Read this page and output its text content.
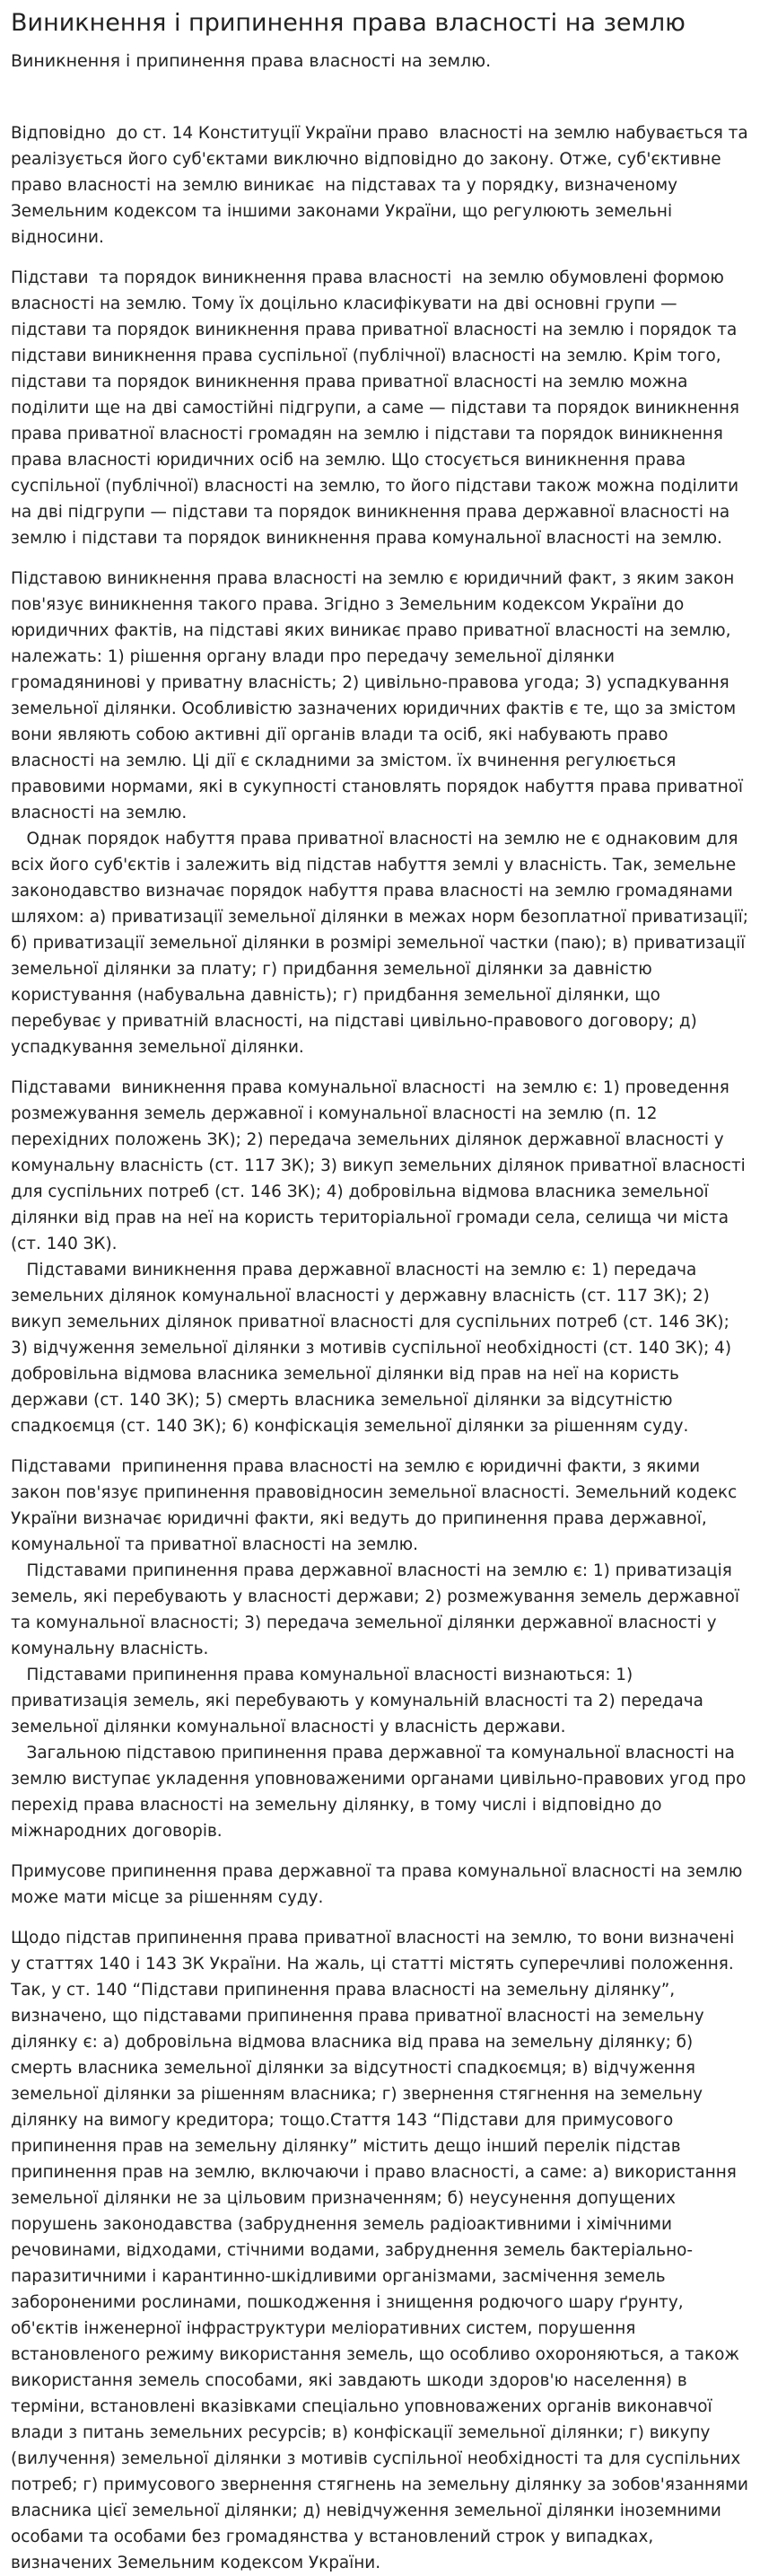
Виникнення і припинення права власності на землю
Виникнення і припинення права власності на землю.

Відповідно  до ст. 14 Конституції України право  власності на землю набувається та реалізується його суб'єктами виключно відповідно до закону. Отже, суб'єктивне  право власності на землю виникає  на підставах та у порядку, визначеному Земельним кодексом та іншими законами України, що регулюють земельні відносини.

Підстави  та порядок виникнення права власності  на землю обумовлені формою власності на землю. Тому їх доцільно класифікувати на дві основні групи — підстави та порядок виникнення права приватної власності на землю і порядок та підстави виникнення права суспільної (публічної) власності на землю. Крім того, підстави та порядок виникнення права приватної власності на землю можна поділити ще на дві самостійні підгрупи, а саме — підстави та порядок виникнення права приватної власності громадян на землю і підстави та порядок виникнення права власності юридичних осіб на землю. Що стосується виникнення права суспільної (публічної) власності на землю, то його підстави також можна поділити на дві підгрупи — підстави та порядок виникнення права державної власності на землю і підстави та порядок виникнення права комунальної власності на землю.

Підставою виникнення права власності на землю є юридичний факт, з яким закон пов'язує виникнення такого права. Згідно з Земельним кодексом України до юридичних фактів, на підставі яких виникає право приватної власності на землю, належать: 1) рішення органу влади про передачу земельної ділянки громадянинові у приватну власність; 2) цивільно-правова угода; 3) успадкування земельної ділянки. Особливістю зазначених юридичних фактів є те, що за змістом вони являють собою активні дії органів влади та осіб, які набувають право власності на землю. Ці дії є складними за змістом. їх вчинення регулюється правовими нормами, які в сукупності становлять порядок набуття права приватної власності на землю.

Однак порядок набуття права приватної власності на землю не є однаковим для всіх його суб'єктів і залежить від підстав набуття землі у власність. Так, земельне законодавство визначає порядок набуття права власності на землю громадянами шляхом: а) приватизації земельної ділянки в межах норм безоплатної приватизації; б) приватизації земельної ділянки в розмірі земельної частки (паю); в) приватизації земельної ділянки за плату; г) придбання земельної ділянки за давністю користування (набувальна давність); г) придбання земельної ділянки, що перебуває у приватній власності, на підставі цивільно-правового договору; д) успадкування земельної ділянки.

Підставами  виникнення права комунальної власності  на землю є: 1) проведення розмежування земель державної і комунальної власності на землю (п. 12 перехідних положень ЗК); 2) передача земельних ділянок державної власності у комунальну власність (ст. 117 ЗК); 3) викуп земельних ділянок приватної власності для суспільних потреб (ст. 146 ЗК); 4) добровільна відмова власника земельної ділянки від прав на неї на користь територіальної громади села, селища чи міста (ст. 140 ЗК).

Підставами виникнення права державної власності на землю є: 1) передача земельних ділянок комунальної власності у державну власність (ст. 117 ЗК); 2) викуп земельних ділянок приватної власності для суспільних потреб (ст. 146 ЗК); 3) відчуження земельної ділянки з мотивів суспільної необхідності (ст. 140 ЗК); 4) добровільна відмова власника земельної ділянки від прав на неї на користь держави (ст. 140 ЗК); 5) смерть власника земельної ділянки за відсутністю спадкоємця (ст. 140 ЗК); 6) конфіскація земельної ділянки за рішенням суду.

Підставами  припинення права власності на землю є юридичні факти, з якими закон пов'язує припинення правовідносин земельної власності. Земельний кодекс України визначає юридичні факти, які ведуть до припинення права державної, комунальної та приватної власності на землю.

Підставами припинення права державної власності на землю є: 1) приватизація земель, які перебувають у власності держави; 2) розмежування земель державної та комунальної власності; 3) передача земельної ділянки державної власності у комунальну власність.

Підставами припинення права комунальної власності визнаються: 1) приватизація земель, які перебувають у комунальній власності та 2) передача земельної ділянки комунальної власності у власність держави.

Загальною підставою припинення права державної та комунальної власності на землю виступає укладення уповноваженими органами цивільно-правових угод про перехід права власності на земельну ділянку, в тому числі і відповідно до міжнародних договорів.

Примусове припинення права державної та права комунальної власності на землю може мати місце за рішенням суду.

Щодо підстав припинення права приватної власності на землю, то вони визначені у статтях 140 і 143 ЗК України. На жаль, ці статті містять суперечливі положення. Так, у ст. 140 “Підстави припинення права власності на земельну ділянку”, визначено, що підставами припинення права приватної власності на земельну ділянку є: а) добровільна відмова власника від права на земельну ділянку; б) смерть власника земельної ділянки за відсутності спадкоємця; в) відчуження земельної ділянки за рішенням власника; г) звернення стягнення на земельну ділянку на вимогу кредитора; тощо.Стаття 143 “Підстави для примусового припинення прав на земельну ділянку” містить дещо інший перелік підстав припинення прав на землю, включаючи і право власності, а саме: а) використання земельної ділянки не за цільовим призначенням; б) неусунення допущених порушень законодавства (забруднення земель радіоактивними і хімічними речовинами, відходами, стічними водами, забруднення земель бактеріально-паразитичними і карантинно-шкідливими організмами, засмічення земель забороненими рослинами, пошкодження і знищення родючого шару ґрунту, об'єктів інженерної інфраструктури меліоративних систем, порушення встановленого режиму використання земель, що особливо охороняються, а також використання земель способами, які завдають шкоди здоров'ю населення) в терміни, встановлені вказівками спеціально уповноважених органів виконавчої влади з питань земельних ресурсів; в) конфіскації земельної ділянки; г) викупу (вилучення) земельної ділянки з мотивів суспільної необхідності та для суспільних потреб; г) примусового звернення стягнень на земельну ділянку за зобов'язаннями власника цієї земельної ділянки; д) невідчуження земельної ділянки іноземними особами та особами без громадянства у встановлений строк у випадках, визначених Земельним кодексом України.
